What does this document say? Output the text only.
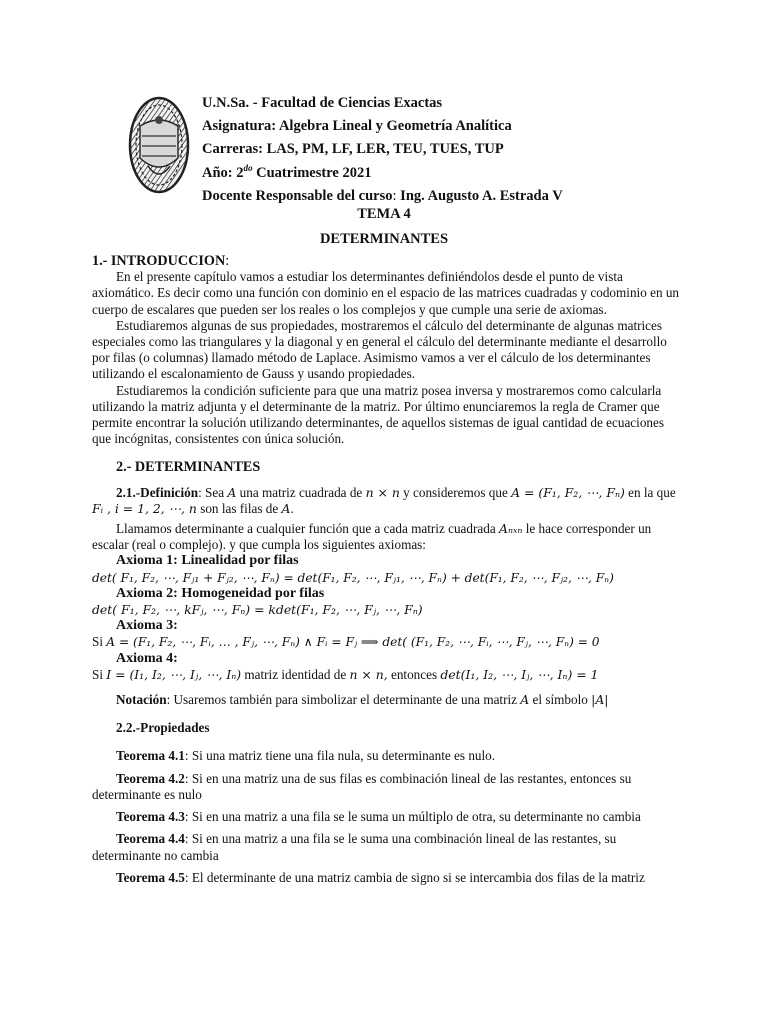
U.N.Sa. - Facultad de Ciencias Exactas
Asignatura: Algebra Lineal y Geometría Analítica
Carreras: LAS, PM, LF, LER, TEU, TUES, TUP
Año: $2^{do}$ Cuatrimestre 2021
Docente Responsable del curso: Ing. Augusto A. Estrada V
TEMA 4
DETERMINANTES

1.- INTRODUCCION:

En el presente capítulo vamos a estudiar los determinantes definiéndolos desde el punto de vista axiomático. Es decir como una función con dominio en el espacio de las matrices cuadradas y codominio en un cuerpo de escalares que pueden ser los reales o los complejos y que cumple una serie de axiomas.

Estudiaremos algunas de sus propiedades, mostraremos el cálculo del determinante de algunas matrices especiales como las triangulares y la diagonal y en general el cálculo del determinante mediante el desarrollo por filas (o columnas) llamado método de Laplace. Asimismo vamos a ver el cálculo de los determinantes utilizando el escalonamiento de Gauss y usando propiedades.

Estudiaremos la condición suficiente para que una matriz posea inversa y mostraremos como calcularla utilizando la matriz adjunta y el determinante de la matriz. Por último enunciaremos la regla de Cramer que permite encontrar la solución utilizando determinantes, de aquellos sistemas de igual cantidad de ecuaciones que incógnitas, consistentes con única solución.

2.- DETERMINANTES

2.1.-Definición: Sea A una matriz cuadrada de n × n y consideremos que A = (F₁, F₂, ⋯, Fₙ) en la que Fᵢ , i = 1, 2, ⋯, n son las filas de A.

Llamamos determinante a cualquier función que a cada matriz cuadrada Aₙₓₙ le hace corresponder un escalar (real o complejo). y que cumpla los siguientes axiomas:

Axioma 1: Linealidad por filas

det( F₁, F₂, ⋯, Fⱼ₁ + Fⱼ₂, ⋯, Fₙ) = det(F₁, F₂, ⋯, Fⱼ₁, ⋯, Fₙ) + det(F₁, F₂, ⋯, Fⱼ₂, ⋯, Fₙ)

Axioma 2: Homogeneidad por filas

det( F₁, F₂, ⋯, kFⱼ, ⋯, Fₙ) = kdet(F₁, F₂, ⋯, Fⱼ, ⋯, Fₙ)

Axioma 3:

Si A = (F₁, F₂, ⋯, Fᵢ, … , Fⱼ, ⋯, Fₙ) ∧ Fᵢ = Fⱼ ⟹ det( (F₁, F₂, ⋯, Fᵢ, ⋯, Fⱼ, ⋯, Fₙ) = 0

Axioma 4:

Si I = (I₁, I₂, ⋯, Iⱼ, ⋯, Iₙ) matriz identidad de n × n, entonces det(I₁, I₂, ⋯, Iⱼ, ⋯, Iₙ) = 1

Notación: Usaremos también para simbolizar el determinante de una matriz A el símbolo |A|

2.2.-Propiedades

Teorema 4.1: Si una matriz tiene una fila nula, su determinante es nulo.

Teorema 4.2: Si en una matriz una de sus filas es combinación lineal de las restantes, entonces su determinante es nulo

Teorema 4.3: Si en una matriz a una fila se le suma un múltiplo de otra, su determinante no cambia

Teorema 4.4: Si en una matriz a una fila se le suma una combinación lineal de las restantes, su determinante no cambia

Teorema 4.5: El determinante de una matriz cambia de signo si se intercambia dos filas de la matriz
